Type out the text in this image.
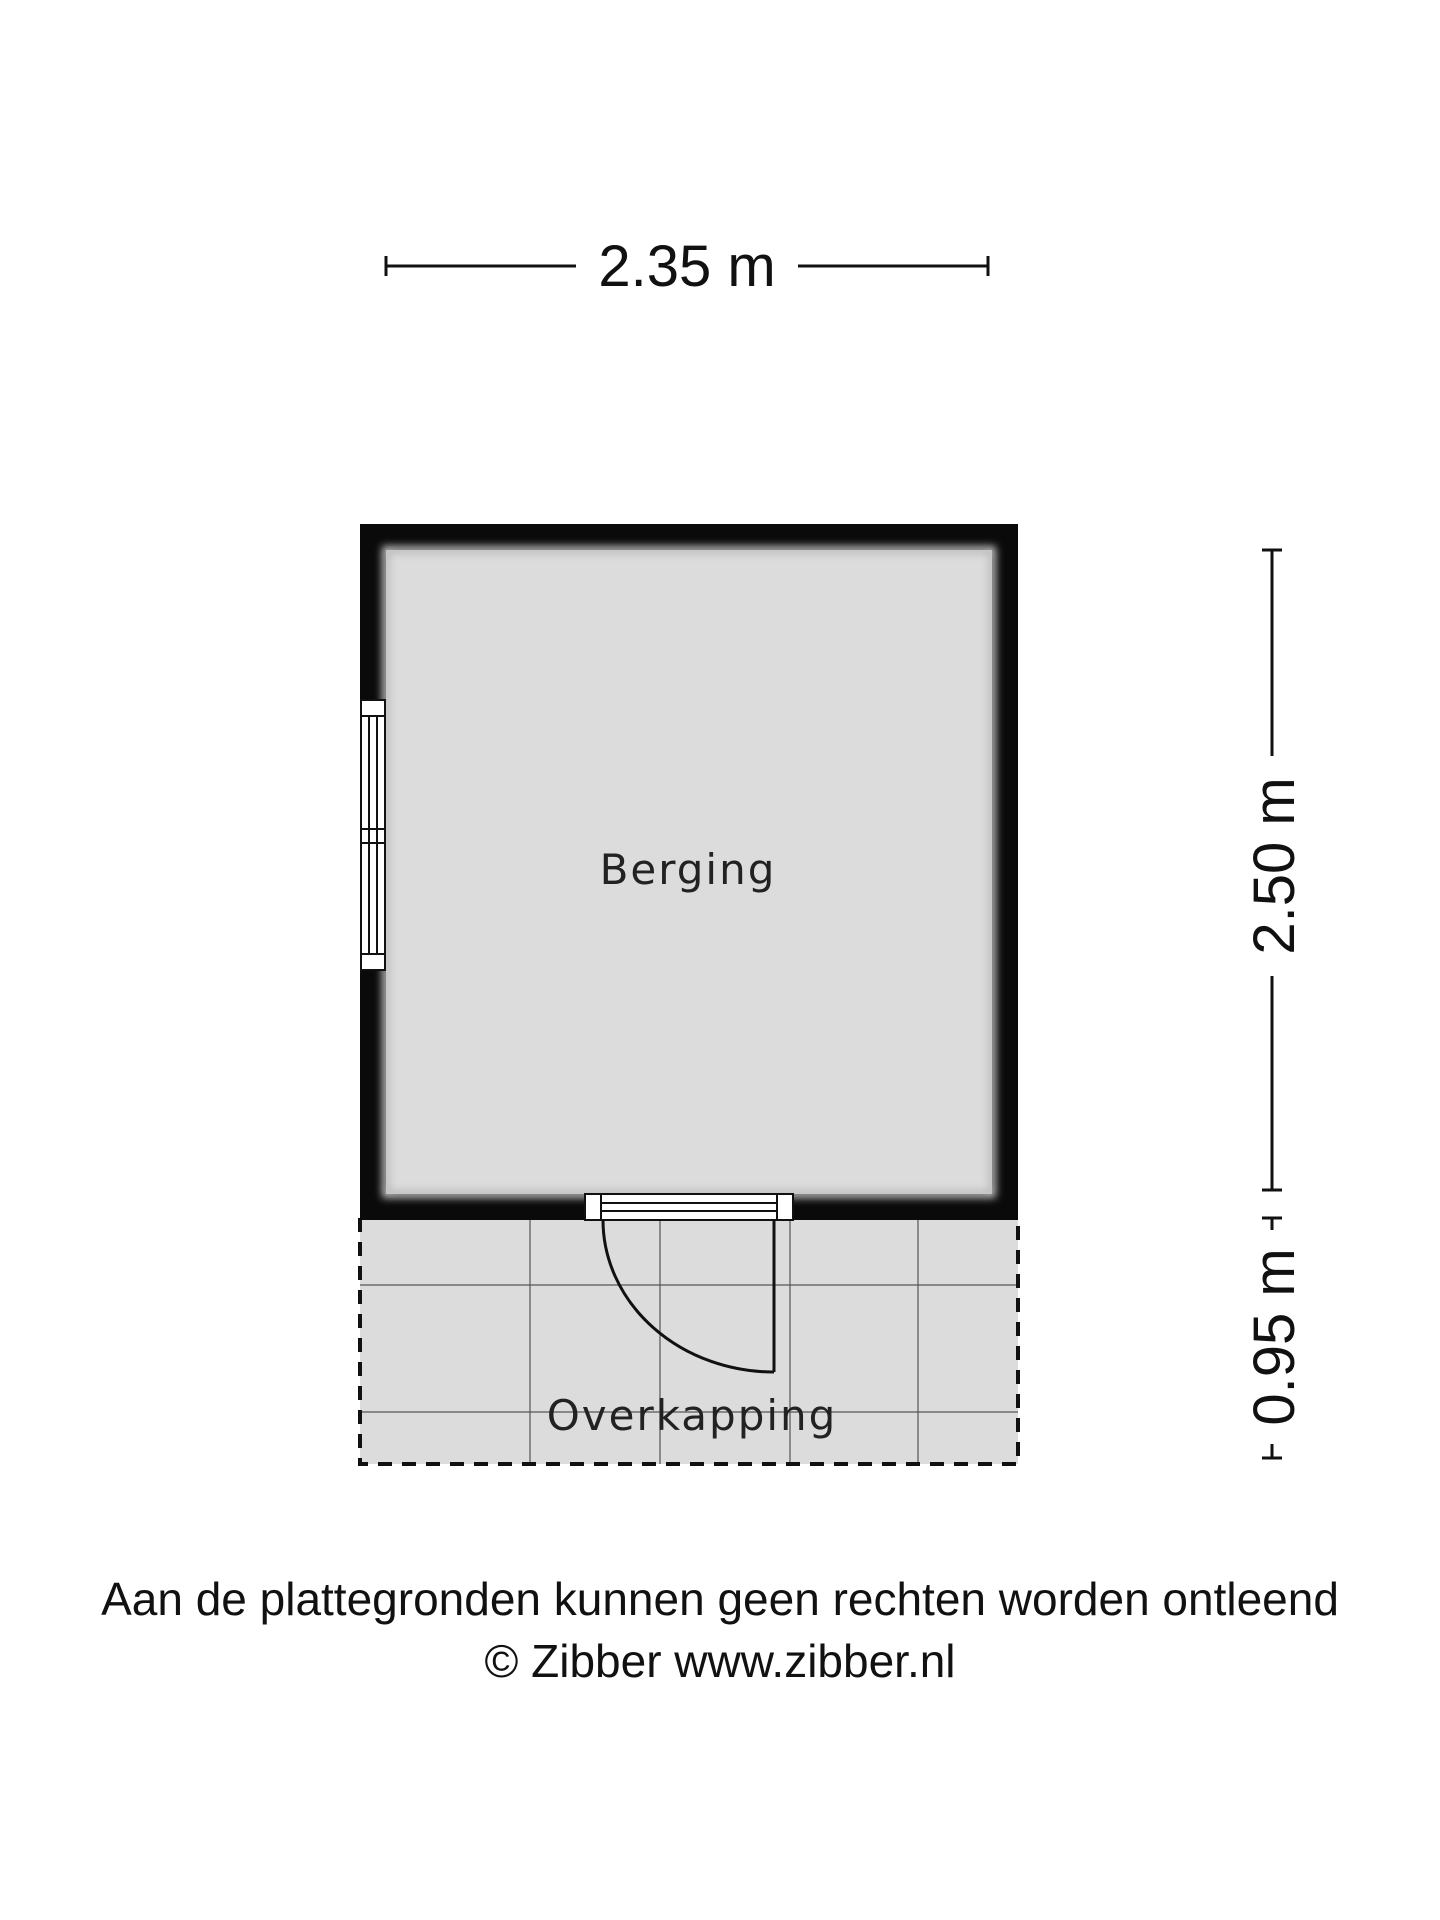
Berging
Overkapping
2.35 m
2.50 m
0.95 m
Aan de plattegronden kunnen geen rechten worden ontleend
© Zibber www.zibber.nl
